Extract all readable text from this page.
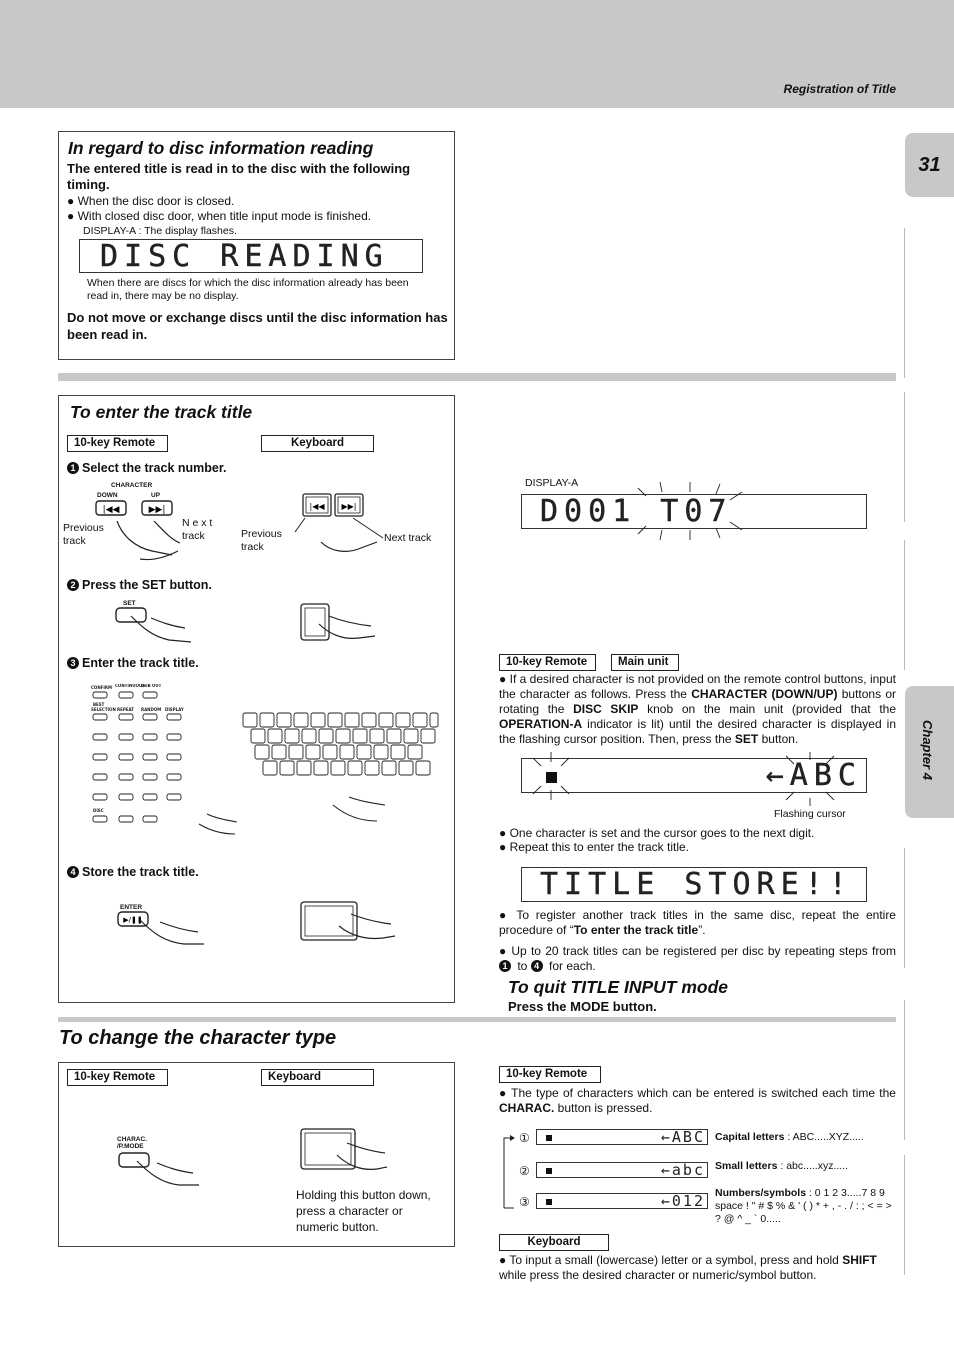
Registration of Title
31
Chapter 4
In regard to disc information reading
The entered title is read in to the disc with the following timing.
● When the disc door is closed.
● With closed disc door, when title input mode is finished.
DISPLAY-A : The display flashes.
DISC READING
When there are discs for which the disc information already has been read in, there may be no display.
Do not move or exchange discs until the disc information has been read in.
To enter the track title
10-key Remote	Keyboard
1 Select the track number.
CHARACTER
DOWN	UP
|◀◀	▶▶|
Previous track
N e x t track
|◀◀ ▶▶|
Previous track
Next track
2 Press the SET button.
SET
3 Enter the track title.
CONFIRM CONTINUOUS
DUB OUT
BEST
SELECTION REPEAT RANDOM DISPLAY
DISC
4 Store the track title.
ENTER
▶/❚❚
DISPLAY-A
D001 T07
10-key Remote	Main unit
● If a desired character is not provided on the remote control buttons, input the character as follows. Press the CHARACTER (DOWN/UP) buttons or rotating the DISC SKIP knob on the main unit (provided that the OPERATION-A indicator is lit) until the desired character is displayed in the flashing cursor position. Then, press the SET button.
←ABC
Flashing cursor
● One character is set and the cursor goes to the next digit.
● Repeat this to enter the track title.
TITLE STORE!!
● To register another track titles in the same disc, repeat the entire procedure of “To enter the track title”.
● Up to 20 track titles can be registered per disc by repeating steps from 1 to 4 for each.
To quit TITLE INPUT mode
Press the MODE button.
To change the character type
10-key Remote	Keyboard
CHARAC. /P.MODE
Holding this button down, press a character or numeric button.
10-key Remote
● The type of characters which can be entered is switched each time the CHARAC. button is pressed.
①	←ABC Capital letters : ABC.....XYZ.....
②	←abc Small letters : abc.....xyz.....
③	←012 Numbers/symbols : 0 1 2 3.....7 8 9 space ! " # $ % & ' ( ) * + , - . / : ; < = > ? @ ^ _ ` 0.....
Keyboard
● To input a small (lowercase) letter or a symbol, press and hold SHIFT while press the desired character or numeric/symbol button.
